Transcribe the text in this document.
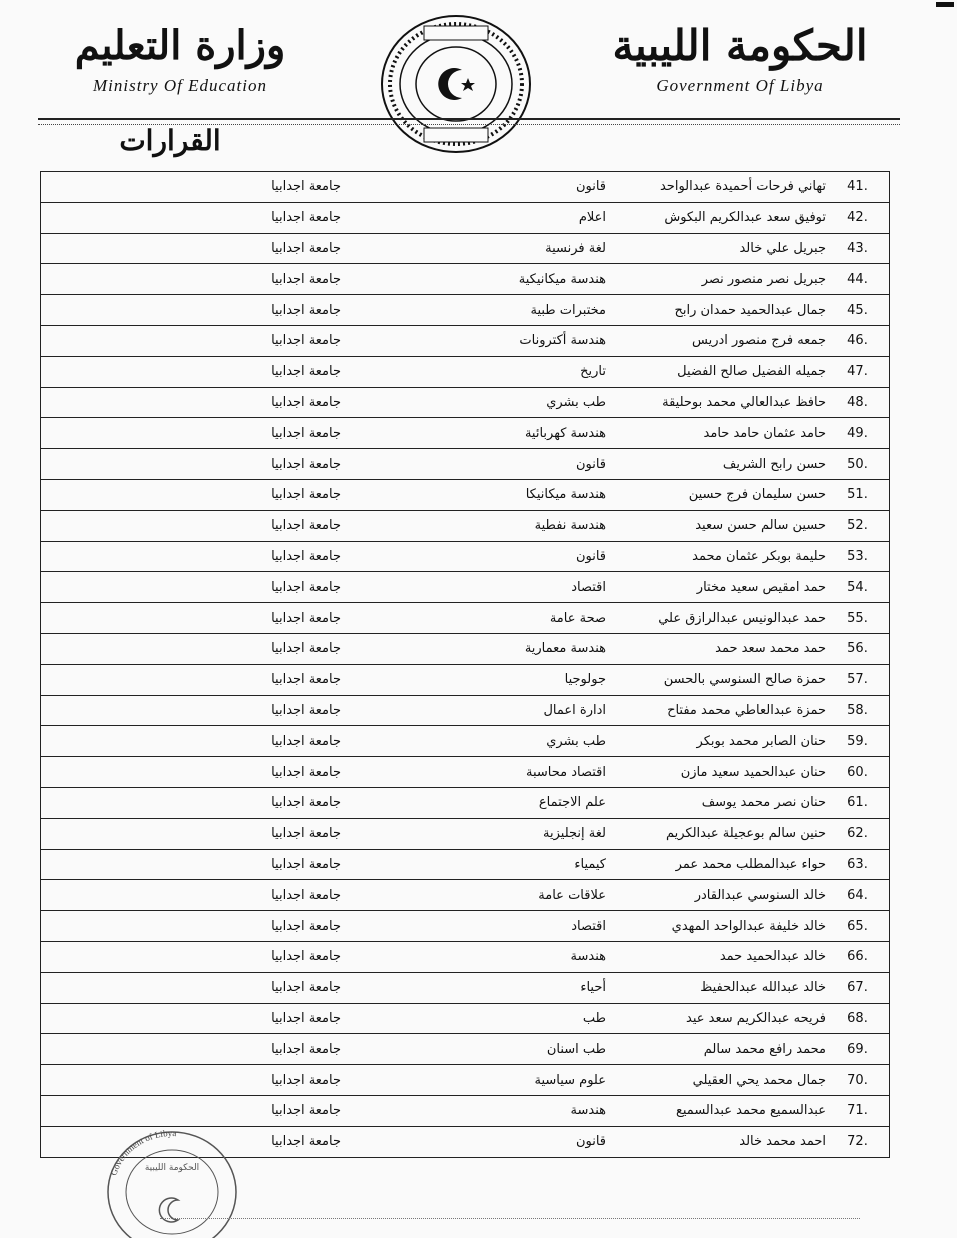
وزارة التعليم
Ministry Of Education
الحكومة الليبية
Government Of Libya
القرارات
جامعة اجدابيا	قانون	تهاني فرحات أحميدة عبدالواحد	41.
جامعة اجدابيا	اعلام	توفيق سعد عبدالكريم البكوش	42.
جامعة اجدابيا	لغة فرنسية	جبريل علي خالد	43.
جامعة اجدابيا	هندسة ميكانيكية	جبريل نصر منصور نصر	44.
جامعة اجدابيا	مختبرات طبية	جمال عبدالحميد حمدان رابح	45.
جامعة اجدابيا	هندسة أكترونات	جمعه فرج منصور ادريس	46.
جامعة اجدابيا	تاريخ	جميله الفضيل صالح الفضيل	47.
جامعة اجدابيا	طب بشري	حافظ عبدالعالي محمد بوحليقة	48.
جامعة اجدابيا	هندسة كهربائية	حامد عثمان حامد حامد	49.
جامعة اجدابيا	قانون	حسن رابح الشريف	50.
جامعة اجدابيا	هندسة ميكانيكا	حسن سليمان فرج حسين	51.
جامعة اجدابيا	هندسة نفطية	حسين سالم حسن سعيد	52.
جامعة اجدابيا	قانون	حليمة بوبكر عثمان محمد	53.
جامعة اجدابيا	اقتصاد	حمد امقيص سعيد مختار	54.
جامعة اجدابيا	صحة عامة	حمد عبدالونيس عبدالرازق علي	55.
جامعة اجدابيا	هندسة معمارية	حمد محمد سعد حمد	56.
جامعة اجدابيا	جولوجيا	حمزة صالح السنوسي بالحسن	57.
جامعة اجدابيا	ادارة اعمال	حمزة عبدالعاطي محمد مفتاح	58.
جامعة اجدابيا	طب بشري	حنان الصابر محمد بوبكر	59.
جامعة اجدابيا	اقتصاد محاسبة	حنان عبدالحميد سعيد مازن	60.
جامعة اجدابيا	علم الاجتماع	حنان نصر محمد يوسف	61.
جامعة اجدابيا	لغة إنجليزية	حنين سالم بوعجيلة عبدالكريم	62.
جامعة اجدابيا	كيمياء	حواء عبدالمطلب محمد عمر	63.
جامعة اجدابيا	علاقات عامة	خالد السنوسي عبدالقادر	64.
جامعة اجدابيا	اقتصاد	خالد خليفة عبدالواحد المهدي	65.
جامعة اجدابيا	هندسة	خالد عبدالحميد حمد	66.
جامعة اجدابيا	أحياء	خالد عبدالله عبدالحفيظ	67.
جامعة اجدابيا	طب	فريحه عبدالكريم سعد عيد	68.
جامعة اجدابيا	طب اسنان	محمد رافع محمد سالم	69.
جامعة اجدابيا	علوم سياسية	جمال محمد يحي العقيلي	70.
جامعة اجدابيا	هندسة	عبدالسميع محمد عبدالسميع	71.
جامعة اجدابيا	قانون	احمد محمد خالد	72.
Government of Libya
الحكومة الليبية
